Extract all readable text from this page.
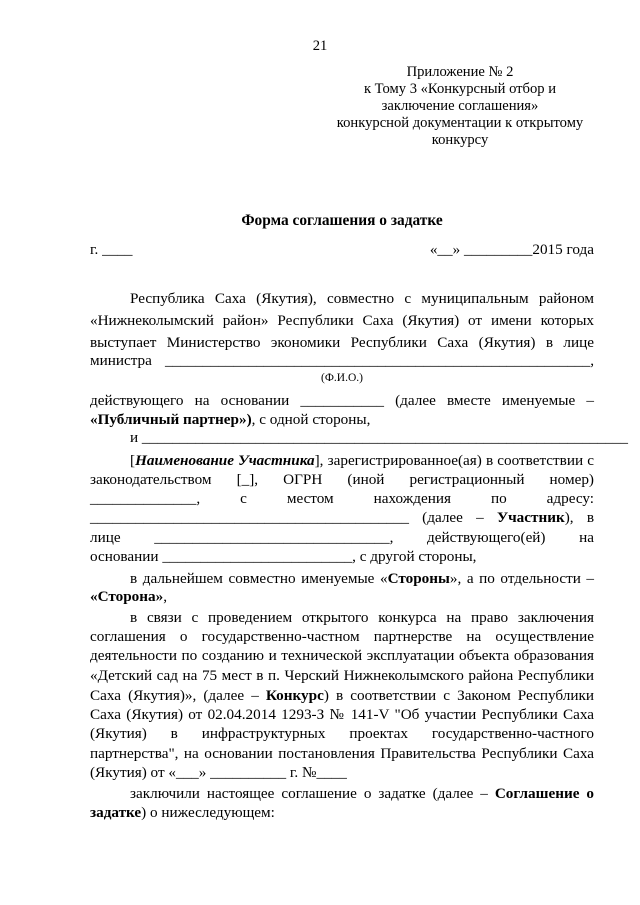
21
Приложение № 2
к Тому 3 «Конкурсный отбор и
заключение соглашения»
конкурсной документации к открытому
конкурсу
Форма соглашения о задатке
г. ____	«__» _________2015 года
Республика Саха (Якутия), совместно с муниципальным районом
«Нижнеколымский район» Республики Саха (Якутия) от имени которых
выступает Министерство экономики Республики Саха (Якутия) в лице
министра ________________________________________________________,
(Ф.И.О.)
действующего на основании ___________ (далее вместе именуемые –
«Публичный партнер»), с одной стороны,
и ________________________________________________________________
[Наименование Участника], зарегистрированное(ая) в соответствии с
законодательством [_], ОГРН (иной регистрационный номер)
______________, с местом нахождения по адресу:
__________________________________________ (далее – Участник), в
лице _______________________________, действующего(ей) на
основании _________________________, с другой стороны,
в дальнейшем совместно именуемые «Стороны», а по отдельности –
«Сторона»,
в связи с проведением открытого конкурса на право заключения
соглашения о государственно-частном партнерстве на осуществление
деятельности по созданию и технической эксплуатации объекта образования
«Детский сад на 75 мест в п. Черский Нижнеколымского района Республики
Саха (Якутия)», (далее – Конкурс) в соответствии с Законом Республики
Саха (Якутия) от 02.04.2014 1293-З № 141-V "Об участии Республики Саха
(Якутия) в инфраструктурных проектах государственно-частного
партнерства", на основании постановления Правительства Республики Саха
(Якутия) от «___» __________ г. №____
заключили настоящее соглашение о задатке (далее – Соглашение о
задатке) о нижеследующем:
